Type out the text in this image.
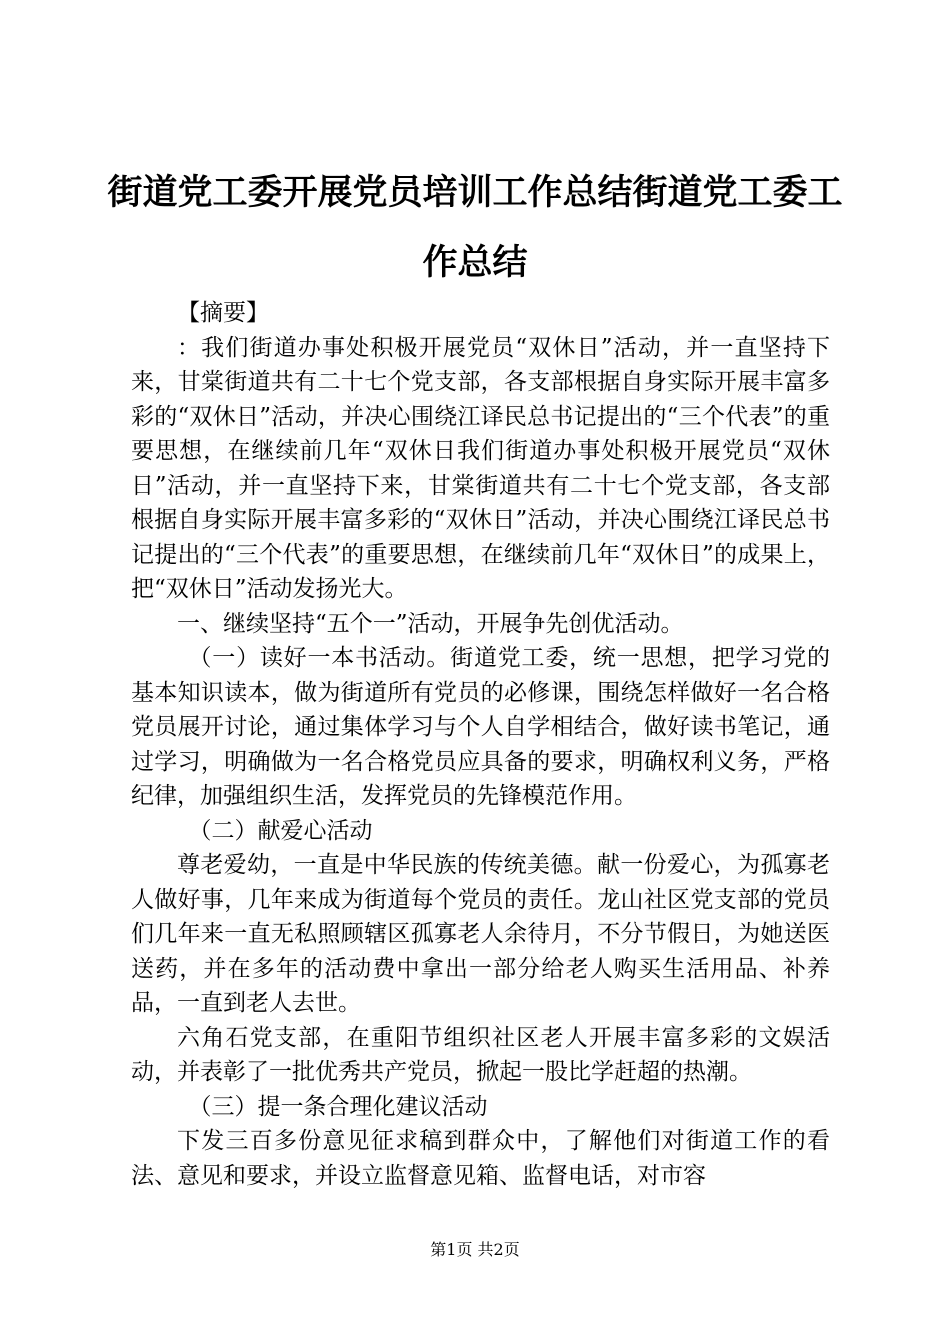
街道党工委开展党员培训工作总结街道党工委工作总结

【摘要】

：我们街道办事处积极开展党员“双休日”活动，并一直坚持下来，甘棠街道共有二十七个党支部，各支部根据自身实际开展丰富多彩的“双休日”活动，并决心围绕江译民总书记提出的“三个代表”的重要思想，在继续前几年“双休日我们街道办事处积极开展党员“双休日”活动，并一直坚持下来，甘棠街道共有二十七个党支部，各支部根据自身实际开展丰富多彩的“双休日”活动，并决心围绕江译民总书记提出的“三个代表”的重要思想，在继续前几年“双休日”的成果上，把“双休日”活动发扬光大。

一、继续坚持“五个一”活动，开展争先创优活动。

（一）读好一本书活动。街道党工委，统一思想，把学习党的基本知识读本，做为街道所有党员的必修课，围绕怎样做好一名合格党员展开讨论，通过集体学习与个人自学相结合，做好读书笔记，通过学习，明确做为一名合格党员应具备的要求，明确权利义务，严格纪律，加强组织生活，发挥党员的先锋模范作用。

（二）献爱心活动

尊老爱幼，一直是中华民族的传统美德。献一份爱心，为孤寡老人做好事，几年来成为街道每个党员的责任。龙山社区党支部的党员们几年来一直无私照顾辖区孤寡老人余待月，不分节假日，为她送医送药，并在多年的活动费中拿出一部分给老人购买生活用品、补养品，一直到老人去世。

六角石党支部，在重阳节组织社区老人开展丰富多彩的文娱活动，并表彰了一批优秀共产党员，掀起一股比学赶超的热潮。

（三）提一条合理化建议活动

下发三百多份意见征求稿到群众中，了解他们对街道工作的看法、意见和要求，并设立监督意见箱、监督电话，对市容

第1页 共2页
